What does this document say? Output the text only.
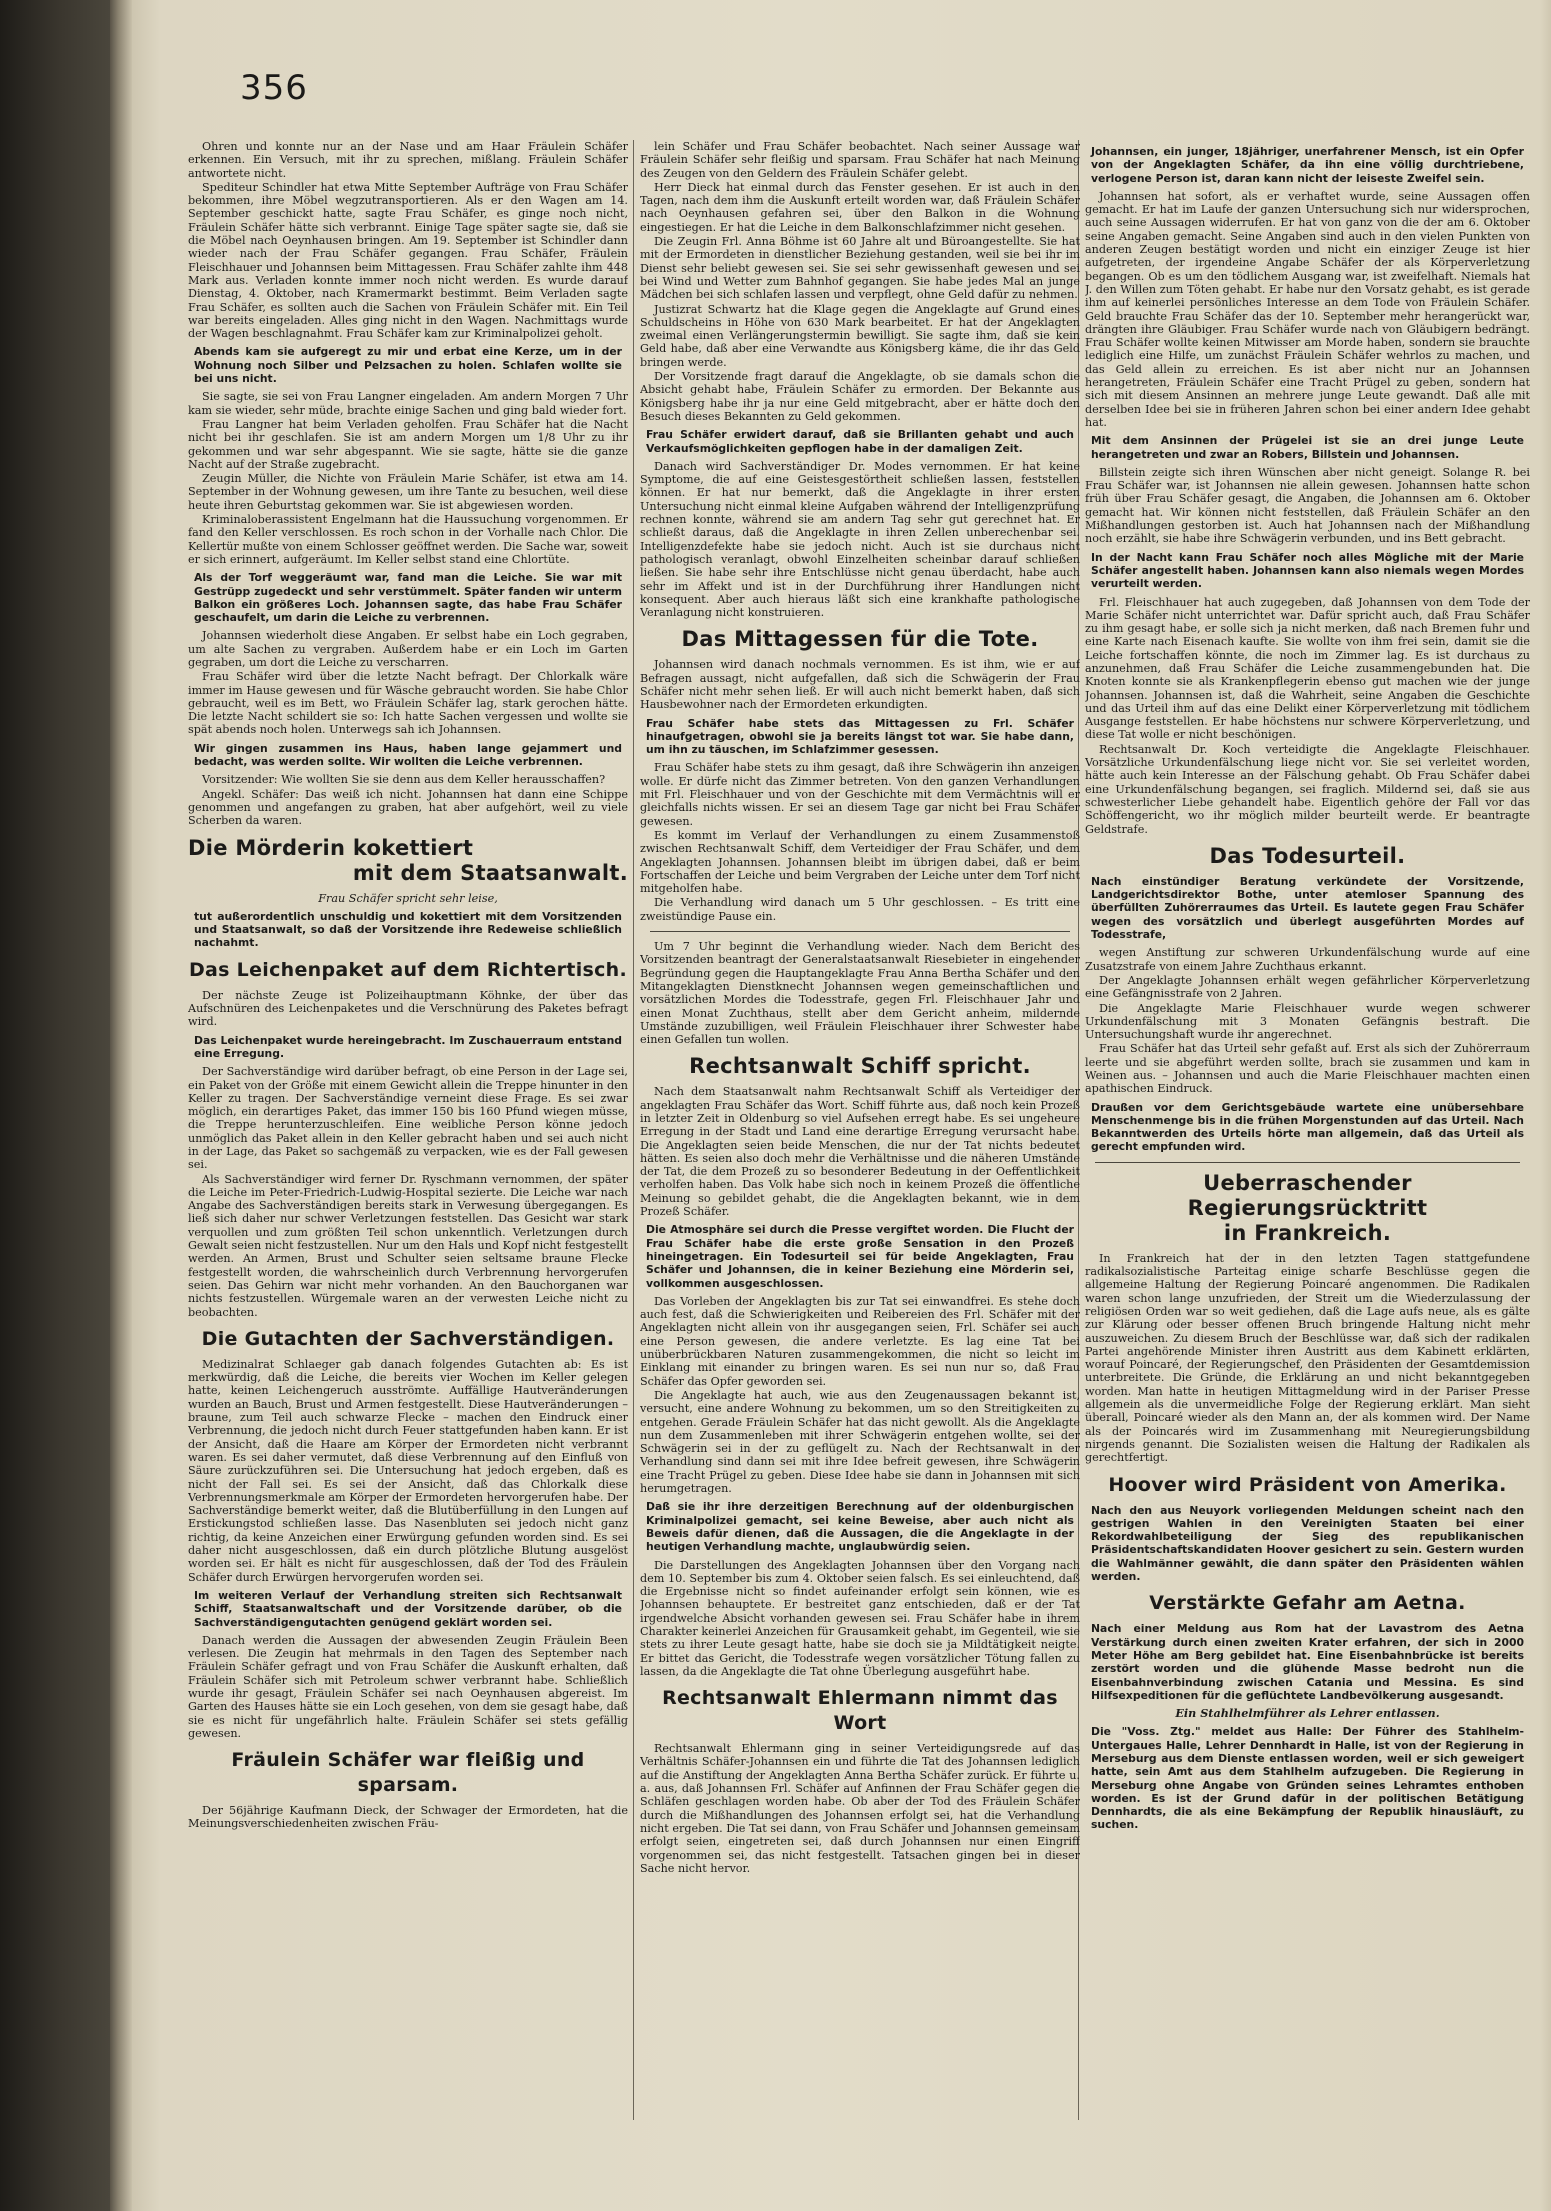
356

Ohren und konnte nur an der Nase und am Haar Fräulein Schäfer erkennen. Ein Versuch, mit ihr zu sprechen, mißlang. Fräulein Schäfer antwortete nicht.

Spediteur Schindler hat etwa Mitte September Aufträge von Frau Schäfer bekommen, ihre Möbel wegzutransportieren. Als er den Wagen am 14. September geschickt hatte, sagte Frau Schäfer, es ginge noch nicht, Fräulein Schäfer hätte sich verbrannt. Einige Tage später sagte sie, daß sie die Möbel nach Oeynhausen bringen. Am 19. September ist Schindler dann wieder nach der Frau Schäfer gegangen. Frau Schäfer, Fräulein Fleischhauer und Johannsen beim Mittagessen. Frau Schäfer zahlte ihm 448 Mark aus. Verladen konnte immer noch nicht werden. Es wurde darauf Dienstag, 4. Oktober, nach Kramermarkt bestimmt. Beim Verladen sagte Frau Schäfer, es sollten auch die Sachen von Fräulein Schäfer mit. Ein Teil war bereits eingeladen. Alles ging nicht in den Wagen. Nachmittags wurde der Wagen beschlagnahmt. Frau Schäfer kam zur Kriminalpolizei geholt.

Abends kam sie aufgeregt zu mir und erbat eine Kerze, um in der Wohnung noch Silber und Pelzsachen zu holen. Schlafen wollte sie bei uns nicht.

Sie sagte, sie sei von Frau Langner eingeladen. Am andern Morgen 7 Uhr kam sie wieder, sehr müde, brachte einige Sachen und ging bald wieder fort.

Frau Langner hat beim Verladen geholfen. Frau Schäfer hat die Nacht nicht bei ihr geschlafen. Sie ist am andern Morgen um 1/8 Uhr zu ihr gekommen und war sehr abgespannt. Wie sie sagte, hätte sie die ganze Nacht auf der Straße zugebracht.

Zeugin Müller, die Nichte von Fräulein Marie Schäfer, ist etwa am 14. September in der Wohnung gewesen, um ihre Tante zu besuchen, weil diese heute ihren Geburtstag gekommen war. Sie ist abgewiesen worden.

Kriminaloberassistent Engelmann hat die Haussuchung vorgenommen. Er fand den Keller verschlossen. Es roch schon in der Vorhalle nach Chlor. Die Kellertür mußte von einem Schlosser geöffnet werden. Die Sache war, soweit er sich erinnert, aufgeräumt. Im Keller selbst stand eine Chlortüte.

Als der Torf weggeräumt war, fand man die Leiche. Sie war mit Gestrüpp zugedeckt und sehr verstümmelt. Später fanden wir unterm Balkon ein größeres Loch. Johannsen sagte, das habe Frau Schäfer geschaufelt, um darin die Leiche zu verbrennen.

Johannsen wiederholt diese Angaben. Er selbst habe ein Loch gegraben, um alte Sachen zu vergraben. Außerdem habe er ein Loch im Garten gegraben, um dort die Leiche zu verscharren.

Frau Schäfer wird über die letzte Nacht befragt. Der Chlorkalk wäre immer im Hause gewesen und für Wäsche gebraucht worden. Sie habe Chlor gebraucht, weil es im Bett, wo Fräulein Schäfer lag, stark gerochen hätte. Die letzte Nacht schildert sie so: Ich hatte Sachen vergessen und wollte sie spät abends noch holen. Unterwegs sah ich Johannsen.

Wir gingen zusammen ins Haus, haben lange gejammert und bedacht, was werden sollte. Wir wollten die Leiche verbrennen.

Vorsitzender: Wie wollten Sie sie denn aus dem Keller herausschaffen?

Angekl. Schäfer: Das weiß ich nicht. Johannsen hat dann eine Schippe genommen und angefangen zu graben, hat aber aufgehört, weil zu viele Scherben da waren.

Die Mörderin kokettiert
mit dem Staatsanwalt.

Frau Schäfer spricht sehr leise,

tut außerordentlich unschuldig und kokettiert mit dem Vorsitzenden und Staatsanwalt, so daß der Vorsitzende ihre Redeweise schließlich nachahmt.

Das Leichenpaket auf dem Richtertisch.

Der nächste Zeuge ist Polizeihauptmann Köhnke, der über das Aufschnüren des Leichenpaketes und die Verschnürung des Paketes befragt wird.

Das Leichenpaket wurde hereingebracht. Im Zuschauerraum entstand eine Erregung.

Der Sachverständige wird darüber befragt, ob eine Person in der Lage sei, ein Paket von der Größe mit einem Gewicht allein die Treppe hinunter in den Keller zu tragen. Der Sachverständige verneint diese Frage. Es sei zwar möglich, ein derartiges Paket, das immer 150 bis 160 Pfund wiegen müsse, die Treppe herunterzuschleifen. Eine weibliche Person könne jedoch unmöglich das Paket allein in den Keller gebracht haben und sei auch nicht in der Lage, das Paket so sachgemäß zu verpacken, wie es der Fall gewesen sei.

Als Sachverständiger wird ferner Dr. Ryschmann vernommen, der später die Leiche im Peter-Friedrich-Ludwig-Hospital sezierte. Die Leiche war nach Angabe des Sachverständigen bereits stark in Verwesung übergegangen. Es ließ sich daher nur schwer Verletzungen feststellen. Das Gesicht war stark verquollen und zum größten Teil schon unkenntlich. Verletzungen durch Gewalt seien nicht festzustellen. Nur um den Hals und Kopf nicht festgestellt werden. An Armen, Brust und Schulter seien seltsame braune Flecke festgestellt worden, die wahrscheinlich durch Verbrennung hervorgerufen seien. Das Gehirn war nicht mehr vorhanden. An den Bauchorganen war nichts festzustellen. Würgemale waren an der verwesten Leiche nicht zu beobachten.

Die Gutachten der Sachverständigen.

Medizinalrat Schlaeger gab danach folgendes Gutachten ab: Es ist merkwürdig, daß die Leiche, die bereits vier Wochen im Keller gelegen hatte, keinen Leichengeruch ausströmte. Auffällige Hautveränderungen wurden an Bauch, Brust und Armen festgestellt. Diese Hautveränderungen – braune, zum Teil auch schwarze Flecke – machen den Eindruck einer Verbrennung, die jedoch nicht durch Feuer stattgefunden haben kann. Er ist der Ansicht, daß die Haare am Körper der Ermordeten nicht verbrannt waren. Es sei daher vermutet, daß diese Verbrennung auf den Einfluß von Säure zurückzuführen sei. Die Untersuchung hat jedoch ergeben, daß es nicht der Fall sei. Es sei der Ansicht, daß das Chlorkalk diese Verbrennungsmerkmale am Körper der Ermordeten hervorgerufen habe. Der Sachverständige bemerkt weiter, daß die Blutüberfüllung in den Lungen auf Erstickungstod schließen lasse. Das Nasenbluten sei jedoch nicht ganz richtig, da keine Anzeichen einer Erwürgung gefunden worden sind. Es sei daher nicht ausgeschlossen, daß ein durch plötzliche Blutung ausgelöst worden sei. Er hält es nicht für ausgeschlossen, daß der Tod des Fräulein Schäfer durch Erwürgen hervorgerufen worden sei.

Im weiteren Verlauf der Verhandlung streiten sich Rechtsanwalt Schiff, Staatsanwaltschaft und der Vorsitzende darüber, ob die Sachverständigengutachten genügend geklärt worden sei.

Danach werden die Aussagen der abwesenden Zeugin Fräulein Been verlesen. Die Zeugin hat mehrmals in den Tagen des September nach Fräulein Schäfer gefragt und von Frau Schäfer die Auskunft erhalten, daß Fräulein Schäfer sich mit Petroleum schwer verbrannt habe. Schließlich wurde ihr gesagt, Fräulein Schäfer sei nach Oeynhausen abgereist. Im Garten des Hauses hätte sie ein Loch gesehen, von dem sie gesagt habe, daß sie es nicht für ungefährlich halte. Fräulein Schäfer sei stets gefällig gewesen.

Fräulein Schäfer war fleißig und sparsam.

Der 56jährige Kaufmann Dieck, der Schwager der Ermordeten, hat die Meinungsverschiedenheiten zwischen Fräu-

lein Schäfer und Frau Schäfer beobachtet. Nach seiner Aussage war Fräulein Schäfer sehr fleißig und sparsam. Frau Schäfer hat nach Meinung des Zeugen von den Geldern des Fräulein Schäfer gelebt.

Herr Dieck hat einmal durch das Fenster gesehen. Er ist auch in den Tagen, nach dem ihm die Auskunft erteilt worden war, daß Fräulein Schäfer nach Oeynhausen gefahren sei, über den Balkon in die Wohnung eingestiegen. Er hat die Leiche in dem Balkonschlafzimmer nicht gesehen.

Die Zeugin Frl. Anna Böhme ist 60 Jahre alt und Büroangestellte. Sie hat mit der Ermordeten in dienstlicher Beziehung gestanden, weil sie bei ihr im Dienst sehr beliebt gewesen sei. Sie sei sehr gewissenhaft gewesen und sei bei Wind und Wetter zum Bahnhof gegangen. Sie habe jedes Mal an junge Mädchen bei sich schlafen lassen und verpflegt, ohne Geld dafür zu nehmen.

Justizrat Schwartz hat die Klage gegen die Angeklagte auf Grund eines Schuldscheins in Höhe von 630 Mark bearbeitet. Er hat der Angeklagten zweimal einen Verlängerungstermin bewilligt. Sie sagte ihm, daß sie kein Geld habe, daß aber eine Verwandte aus Königsberg käme, die ihr das Geld bringen werde.

Der Vorsitzende fragt darauf die Angeklagte, ob sie damals schon die Absicht gehabt habe, Fräulein Schäfer zu ermorden. Der Bekannte aus Königsberg habe ihr ja nur eine Geld mitgebracht, aber er hätte doch den Besuch dieses Bekannten zu Geld gekommen.

Frau Schäfer erwidert darauf, daß sie Brillanten gehabt und auch Verkaufsmöglichkeiten gepflogen habe in der damaligen Zeit.

Danach wird Sachverständiger Dr. Modes vernommen. Er hat keine Symptome, die auf eine Geistesgestörtheit schließen lassen, feststellen können. Er hat nur bemerkt, daß die Angeklagte in ihrer ersten Untersuchung nicht einmal kleine Aufgaben während der Intelligenzprüfung rechnen konnte, während sie am andern Tag sehr gut gerechnet hat. Er schließt daraus, daß die Angeklagte in ihren Zellen unberechenbar sei. Intelligenzdefekte habe sie jedoch nicht. Auch ist sie durchaus nicht pathologisch veranlagt, obwohl Einzelheiten scheinbar darauf schließen ließen. Sie habe sehr ihre Entschlüsse nicht genau überdacht, habe auch sehr im Affekt und ist in der Durchführung ihrer Handlungen nicht konsequent. Aber auch hieraus läßt sich eine krankhafte pathologische Veranlagung nicht konstruieren.

Das Mittagessen für die Tote.

Johannsen wird danach nochmals vernommen. Es ist ihm, wie er auf Befragen aussagt, nicht aufgefallen, daß sich die Schwägerin der Frau Schäfer nicht mehr sehen ließ. Er will auch nicht bemerkt haben, daß sich Hausbewohner nach der Ermordeten erkundigten.

Frau Schäfer habe stets das Mittagessen zu Frl. Schäfer hinaufgetragen, obwohl sie ja bereits längst tot war. Sie habe dann, um ihn zu täuschen, im Schlafzimmer gesessen.

Frau Schäfer habe stets zu ihm gesagt, daß ihre Schwägerin ihn anzeigen wolle. Er dürfe nicht das Zimmer betreten. Von den ganzen Verhandlungen mit Frl. Fleischhauer und von der Geschichte mit dem Vermächtnis will er gleichfalls nichts wissen. Er sei an diesem Tage gar nicht bei Frau Schäfer gewesen.

Es kommt im Verlauf der Verhandlungen zu einem Zusammenstoß zwischen Rechtsanwalt Schiff, dem Verteidiger der Frau Schäfer, und dem Angeklagten Johannsen. Johannsen bleibt im übrigen dabei, daß er beim Fortschaffen der Leiche und beim Vergraben der Leiche unter dem Torf nicht mitgeholfen habe.

Die Verhandlung wird danach um 5 Uhr geschlossen. – Es tritt eine zweistündige Pause ein.

Um 7 Uhr beginnt die Verhandlung wieder. Nach dem Bericht des Vorsitzenden beantragt der Generalstaatsanwalt Riesebieter in eingehender Begründung gegen die Hauptangeklagte Frau Anna Bertha Schäfer und den Mitangeklagten Dienstknecht Johannsen wegen gemeinschaftlichen und vorsätzlichen Mordes die Todesstrafe, gegen Frl. Fleischhauer Jahr und einen Monat Zuchthaus, stellt aber dem Gericht anheim, mildernde Umstände zuzubilligen, weil Fräulein Fleischhauer ihrer Schwester habe einen Gefallen tun wollen.

Rechtsanwalt Schiff spricht.

Nach dem Staatsanwalt nahm Rechtsanwalt Schiff als Verteidiger der angeklagten Frau Schäfer das Wort. Schiff führte aus, daß noch kein Prozeß in letzter Zeit in Oldenburg so viel Aufsehen erregt habe. Es sei ungeheure Erregung in der Stadt und Land eine derartige Erregung verursacht habe. Die Angeklagten seien beide Menschen, die nur der Tat nichts bedeutet hätten. Es seien also doch mehr die Verhältnisse und die näheren Umstände der Tat, die dem Prozeß zu so besonderer Bedeutung in der Oeffentlichkeit verholfen haben. Das Volk habe sich noch in keinem Prozeß die öffentliche Meinung so gebildet gehabt, die die Angeklagten bekannt, wie in dem Prozeß Schäfer.

Die Atmosphäre sei durch die Presse vergiftet worden. Die Flucht der Frau Schäfer habe die erste große Sensation in den Prozeß hineingetragen. Ein Todesurteil sei für beide Angeklagten, Frau Schäfer und Johannsen, die in keiner Beziehung eine Mörderin sei, vollkommen ausgeschlossen.

Das Vorleben der Angeklagten bis zur Tat sei einwandfrei. Es stehe doch auch fest, daß die Schwierigkeiten und Reibereien des Frl. Schäfer mit der Angeklagten nicht allein von ihr ausgegangen seien, Frl. Schäfer sei auch eine Person gewesen, die andere verletzte. Es lag eine Tat bei unüberbrückbaren Naturen zusammengekommen, die nicht so leicht im Einklang mit einander zu bringen waren. Es sei nun nur so, daß Frau Schäfer das Opfer geworden sei.

Die Angeklagte hat auch, wie aus den Zeugenaussagen bekannt ist, versucht, eine andere Wohnung zu bekommen, um so den Streitigkeiten zu entgehen. Gerade Fräulein Schäfer hat das nicht gewollt. Als die Angeklagte nun dem Zusammenleben mit ihrer Schwägerin entgehen wollte, sei der Schwägerin sei in der zu geflügelt zu. Nach der Rechtsanwalt in der Verhandlung sind dann sei mit ihre Idee befreit gewesen, ihre Schwägerin eine Tracht Prügel zu geben. Diese Idee habe sie dann in Johannsen mit sich herumgetragen.

Daß sie ihr ihre derzeitigen Berechnung auf der oldenburgischen Kriminalpolizei gemacht, sei keine Beweise, aber auch nicht als Beweis dafür dienen, daß die Aussagen, die die Angeklagte in der heutigen Verhandlung machte, unglaubwürdig seien.

Die Darstellungen des Angeklagten Johannsen über den Vorgang nach dem 10. September bis zum 4. Oktober seien falsch. Es sei einleuchtend, daß die Ergebnisse nicht so findet aufeinander erfolgt sein können, wie es Johannsen behauptete. Er bestreitet ganz entschieden, daß er der Tat irgendwelche Absicht vorhanden gewesen sei. Frau Schäfer habe in ihrem Charakter keinerlei Anzeichen für Grausamkeit gehabt, im Gegenteil, wie sie stets zu ihrer Leute gesagt hatte, habe sie doch sie ja Mildtätigkeit neigte. Er bittet das Gericht, die Todesstrafe wegen vorsätzlicher Tötung fallen zu lassen, da die Angeklagte die Tat ohne Überlegung ausgeführt habe.

Rechtsanwalt Ehlermann nimmt das Wort

Rechtsanwalt Ehlermann ging in seiner Verteidigungsrede auf das Verhältnis Schäfer-Johannsen ein und führte die Tat des Johannsen lediglich auf die Anstiftung der Angeklagten Anna Bertha Schäfer zurück. Er führte u. a. aus, daß Johannsen Frl. Schäfer auf Anfinnen der Frau Schäfer gegen die Schläfen geschlagen worden habe. Ob aber der Tod des Fräulein Schäfer durch die Mißhandlungen des Johannsen erfolgt sei, hat die Verhandlung nicht ergeben. Die Tat sei dann, von Frau Schäfer und Johannsen gemeinsam erfolgt seien, eingetreten sei, daß durch Johannsen nur einen Eingriff vorgenommen sei, das nicht festgestellt. Tatsachen gingen bei in dieser Sache nicht hervor.

Johannsen, ein junger, 18jähriger, unerfahrener Mensch, ist ein Opfer von der Angeklagten Schäfer, da ihn eine völlig durchtriebene, verlogene Person ist, daran kann nicht der leiseste Zweifel sein.

Johannsen hat sofort, als er verhaftet wurde, seine Aussagen offen gemacht. Er hat im Laufe der ganzen Untersuchung sich nur widersprochen, auch seine Aussagen widerrufen. Er hat von ganz von die der am 6. Oktober seine Angaben gemacht. Seine Angaben sind auch in den vielen Punkten von anderen Zeugen bestätigt worden und nicht ein einziger Zeuge ist hier aufgetreten, der irgendeine Angabe Schäfer der als Körperverletzung begangen. Ob es um den tödlichem Ausgang war, ist zweifelhaft. Niemals hat J. den Willen zum Töten gehabt. Er habe nur den Vorsatz gehabt, es ist gerade ihm auf keinerlei persönliches Interesse an dem Tode von Fräulein Schäfer. Geld brauchte Frau Schäfer das der 10. September mehr herangerückt war, drängten ihre Gläubiger. Frau Schäfer wurde nach von Gläubigern bedrängt. Frau Schäfer wollte keinen Mitwisser am Morde haben, sondern sie brauchte lediglich eine Hilfe, um zunächst Fräulein Schäfer wehrlos zu machen, und das Geld allein zu erreichen. Es ist aber nicht nur an Johannsen herangetreten, Fräulein Schäfer eine Tracht Prügel zu geben, sondern hat sich mit diesem Ansinnen an mehrere junge Leute gewandt. Daß alle mit derselben Idee bei sie in früheren Jahren schon bei einer andern Idee gehabt hat.

Mit dem Ansinnen der Prügelei ist sie an drei junge Leute herangetreten und zwar an Robers, Billstein und Johannsen.

Billstein zeigte sich ihren Wünschen aber nicht geneigt. Solange R. bei Frau Schäfer war, ist Johannsen nie allein gewesen. Johannsen hatte schon früh über Frau Schäfer gesagt, die Angaben, die Johannsen am 6. Oktober gemacht hat. Wir können nicht feststellen, daß Fräulein Schäfer an den Mißhandlungen gestorben ist. Auch hat Johannsen nach der Mißhandlung noch erzählt, sie habe ihre Schwägerin verbunden, und ins Bett gebracht.

In der Nacht kann Frau Schäfer noch alles Mögliche mit der Marie Schäfer angestellt haben. Johannsen kann also niemals wegen Mordes verurteilt werden.

Frl. Fleischhauer hat auch zugegeben, daß Johannsen von dem Tode der Marie Schäfer nicht unterrichtet war. Dafür spricht auch, daß Frau Schäfer zu ihm gesagt habe, er solle sich ja nicht merken, daß nach Bremen fuhr und eine Karte nach Eisenach kaufte. Sie wollte von ihm frei sein, damit sie die Leiche fortschaffen könnte, die noch im Zimmer lag. Es ist durchaus zu anzunehmen, daß Frau Schäfer die Leiche zusammengebunden hat. Die Knoten konnte sie als Krankenpflegerin ebenso gut machen wie der junge Johannsen. Johannsen ist, daß die Wahrheit, seine Angaben die Geschichte und das Urteil ihm auf das eine Delikt einer Körperverletzung mit tödlichem Ausgange feststellen. Er habe höchstens nur schwere Körperverletzung, und diese Tat wolle er nicht beschönigen.

Rechtsanwalt Dr. Koch verteidigte die Angeklagte Fleischhauer. Vorsätzliche Urkundenfälschung liege nicht vor. Sie sei verleitet worden, hätte auch kein Interesse an der Fälschung gehabt. Ob Frau Schäfer dabei eine Urkundenfälschung begangen, sei fraglich. Mildernd sei, daß sie aus schwesterlicher Liebe gehandelt habe. Eigentlich gehöre der Fall vor das Schöffengericht, wo ihr möglich milder beurteilt werde. Er beantragte Geldstrafe.

Das Todesurteil.

Nach einstündiger Beratung verkündete der Vorsitzende, Landgerichtsdirektor Bothe, unter atemloser Spannung des überfüllten Zuhörerraumes das Urteil. Es lautete gegen Frau Schäfer wegen des vorsätzlich und überlegt ausgeführten Mordes auf Todesstrafe,

wegen Anstiftung zur schweren Urkundenfälschung wurde auf eine Zusatzstrafe von einem Jahre Zuchthaus erkannt.

Der Angeklagte Johannsen erhält wegen gefährlicher Körperverletzung eine Gefängnisstrafe von 2 Jahren.

Die Angeklagte Marie Fleischhauer wurde wegen schwerer Urkundenfälschung mit 3 Monaten Gefängnis bestraft. Die Untersuchungshaft wurde ihr angerechnet.

Frau Schäfer hat das Urteil sehr gefaßt auf. Erst als sich der Zuhörerraum leerte und sie abgeführt werden sollte, brach sie zusammen und kam in Weinen aus. – Johannsen und auch die Marie Fleischhauer machten einen apathischen Eindruck.

Draußen vor dem Gerichtsgebäude wartete eine unübersehbare Menschenmenge bis in die frühen Morgenstunden auf das Urteil. Nach Bekanntwerden des Urteils hörte man allgemein, daß das Urteil als gerecht empfunden wird.

Ueberraschender Regierungsrücktritt
in Frankreich.

In Frankreich hat der in den letzten Tagen stattgefundene radikalsozialistische Parteitag einige scharfe Beschlüsse gegen die allgemeine Haltung der Regierung Poincaré angenommen. Die Radikalen waren schon lange unzufrieden, der Streit um die Wiederzulassung der religiösen Orden war so weit gediehen, daß die Lage aufs neue, als es gälte zur Klärung oder besser offenen Bruch bringende Haltung nicht mehr auszuweichen. Zu diesem Bruch der Beschlüsse war, daß sich der radikalen Partei angehörende Minister ihren Austritt aus dem Kabinett erklärten, worauf Poincaré, der Regierungschef, den Präsidenten der Gesamtdemission unterbreitete. Die Gründe, die Erklärung an und nicht bekanntgegeben worden. Man hatte in heutigen Mittagmeldung wird in der Pariser Presse allgemein als die unvermeidliche Folge der Regierung erklärt. Man sieht überall, Poincaré wieder als den Mann an, der als kommen wird. Der Name als der Poincarés wird im Zusammenhang mit Neuregierungsbildung nirgends genannt. Die Sozialisten weisen die Haltung der Radikalen als gerechtfertigt.

Hoover wird Präsident von Amerika.

Nach den aus Neuyork vorliegenden Meldungen scheint nach den gestrigen Wahlen in den Vereinigten Staaten bei einer Rekordwahlbeteiligung der Sieg des republikanischen Präsidentschaftskandidaten Hoover gesichert zu sein. Gestern wurden die Wahlmänner gewählt, die dann später den Präsidenten wählen werden.

Verstärkte Gefahr am Aetna.

Nach einer Meldung aus Rom hat der Lavastrom des Aetna Verstärkung durch einen zweiten Krater erfahren, der sich in 2000 Meter Höhe am Berg gebildet hat. Eine Eisenbahnbrücke ist bereits zerstört worden und die glühende Masse bedroht nun die Eisenbahnverbindung zwischen Catania und Messina. Es sind Hilfsexpeditionen für die geflüchtete Landbevölkerung ausgesandt.

Ein Stahlhelmführer als Lehrer entlassen.

Die "Voss. Ztg." meldet aus Halle: Der Führer des Stahlhelm-Untergaues Halle, Lehrer Dennhardt in Halle, ist von der Regierung in Merseburg aus dem Dienste entlassen worden, weil er sich geweigert hatte, sein Amt aus dem Stahlhelm aufzugeben. Die Regierung in Merseburg ohne Angabe von Gründen seines Lehramtes enthoben worden. Es ist der Grund dafür in der politischen Betätigung Dennhardts, die als eine Bekämpfung der Republik hinausläuft, zu suchen.
